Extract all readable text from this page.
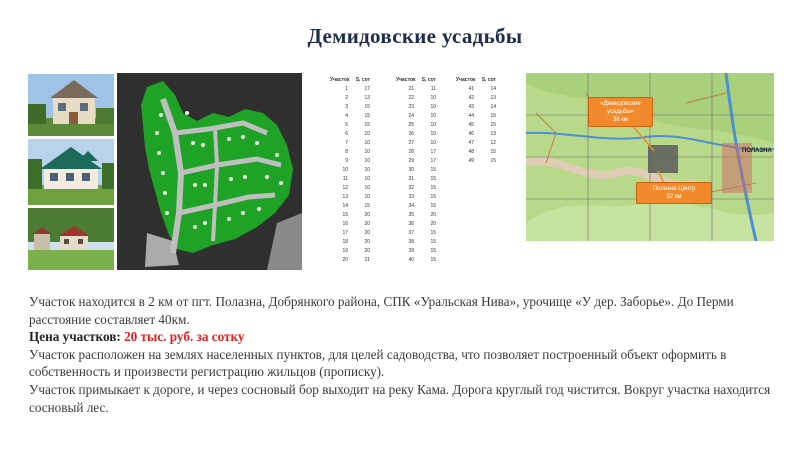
Демидовские усадьбы
Участок	S, сот
1	17
2	13
3	15
4	15
5	15
6	10
7	10
8	10
9	10
10	10
11	10
12	10
13	10
14	15
15	20
16	20
17	20
18	20
19	20
20	21
Участок	S, сот
21	11
22	10
23	10
24	10
25	10
26	10
27	10
28	17
29	17
30	15
31	15
32	15
33	15
34	15
35	20
36	20
37	15
38	15
39	15
40	15
Участок	S, сот
41	14
42	13
43	14
44	15
45	15
46	13
47	12
48	15
49	15
«Демидовские
усадьбы»
38 км
Полазна-Центр
32 км
ПОЛАЗНА

Участок находится в 2 км от пгт. Полазна, Добрянкого района, СПК «Уральская Нива», урочище «У дер. Заборье». До Перми расстояние составляет 40км.

Цена участков: 20 тыс. руб. за сотку

Участок расположен на землях населенных пунктов, для целей садоводства, что позволяет построенный объект оформить в собственность и произвести регистрацию жильцов (прописку).

Участок примыкает к дороге, и через сосновый бор выходит на реку Кама. Дорога круглый год чистится. Вокруг участка находится сосновый лес.
